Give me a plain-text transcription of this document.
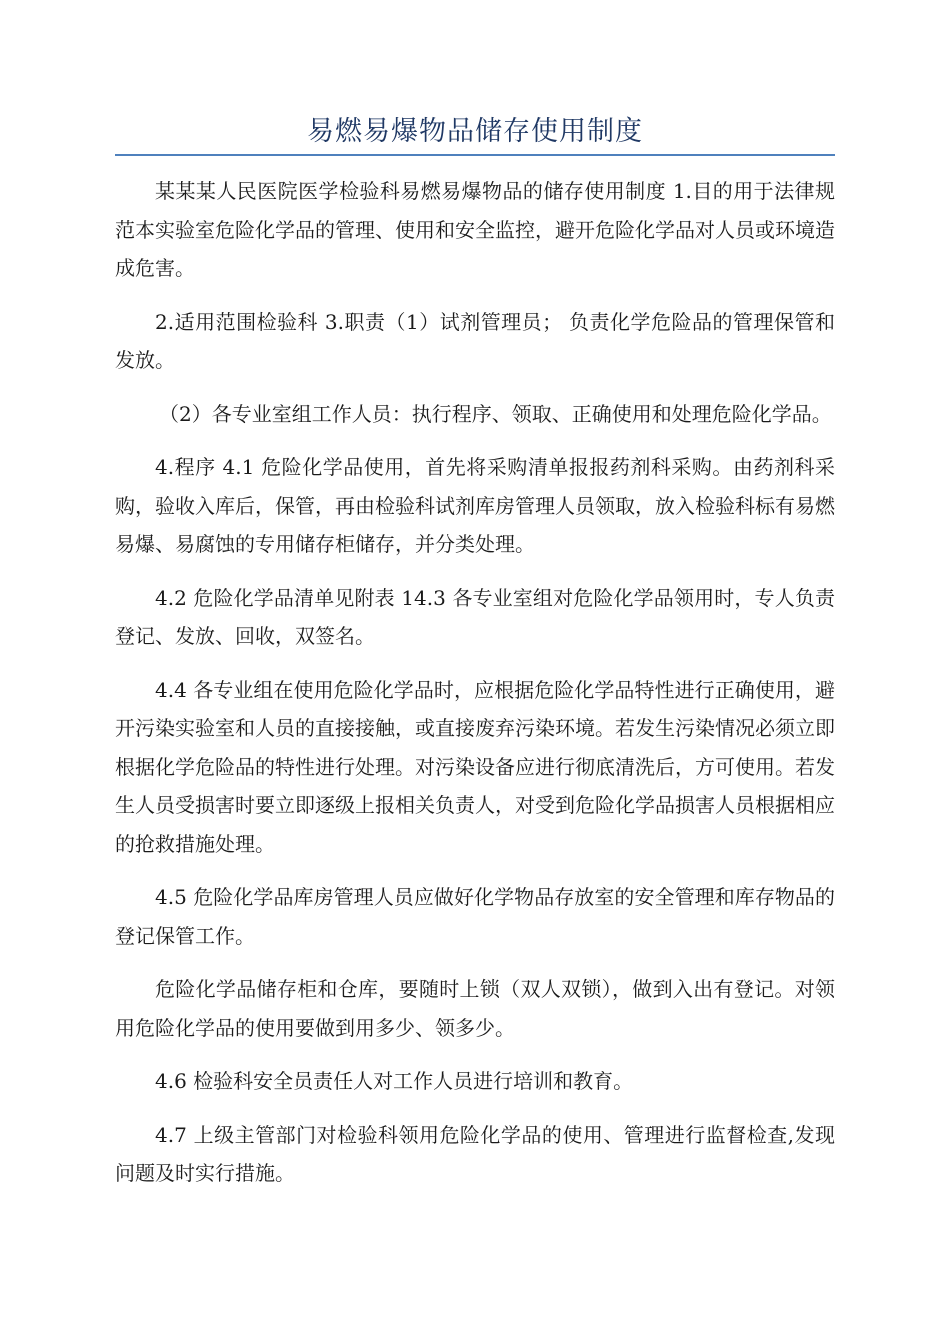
易燃易爆物品储存使用制度

某某某人民医院医学检验科易燃易爆物品的储存使用制度 1.目的用于法律规范本实验室危险化学品的管理、使用和安全监控，避开危险化学品对人员或环境造成危害。

2.适用范围检验科 3.职责（1）试剂管理员； 负责化学危险品的管理保管和发放。

（2）各专业室组工作人员：执行程序、领取、正确使用和处理危险化学品。

4.程序 4.1 危险化学品使用，首先将采购清单报报药剂科采购。由药剂科采购，验收入库后，保管，再由检验科试剂库房管理人员领取，放入检验科标有易燃易爆、易腐蚀的专用储存柜储存，并分类处理。

4.2 危险化学品清单见附表 14.3 各专业室组对危险化学品领用时，专人负责登记、发放、回收，双签名。

4.4 各专业组在使用危险化学品时，应根据危险化学品特性进行正确使用，避开污染实验室和人员的直接接触，或直接废弃污染环境。若发生污染情况必须立即根据化学危险品的特性进行处理。对污染设备应进行彻底清洗后，方可使用。若发生人员受损害时要立即逐级上报相关负责人，对受到危险化学品损害人员根据相应的抢救措施处理。

4.5 危险化学品库房管理人员应做好化学物品存放室的安全管理和库存物品的登记保管工作。

危险化学品储存柜和仓库，要随时上锁（双人双锁），做到入出有登记。对领用危险化学品的使用要做到用多少、领多少。

4.6 检验科安全员责任人对工作人员进行培训和教育。

4.7 上级主管部门对检验科领用危险化学品的使用、管理进行监督检查,发现问题及时实行措施。
